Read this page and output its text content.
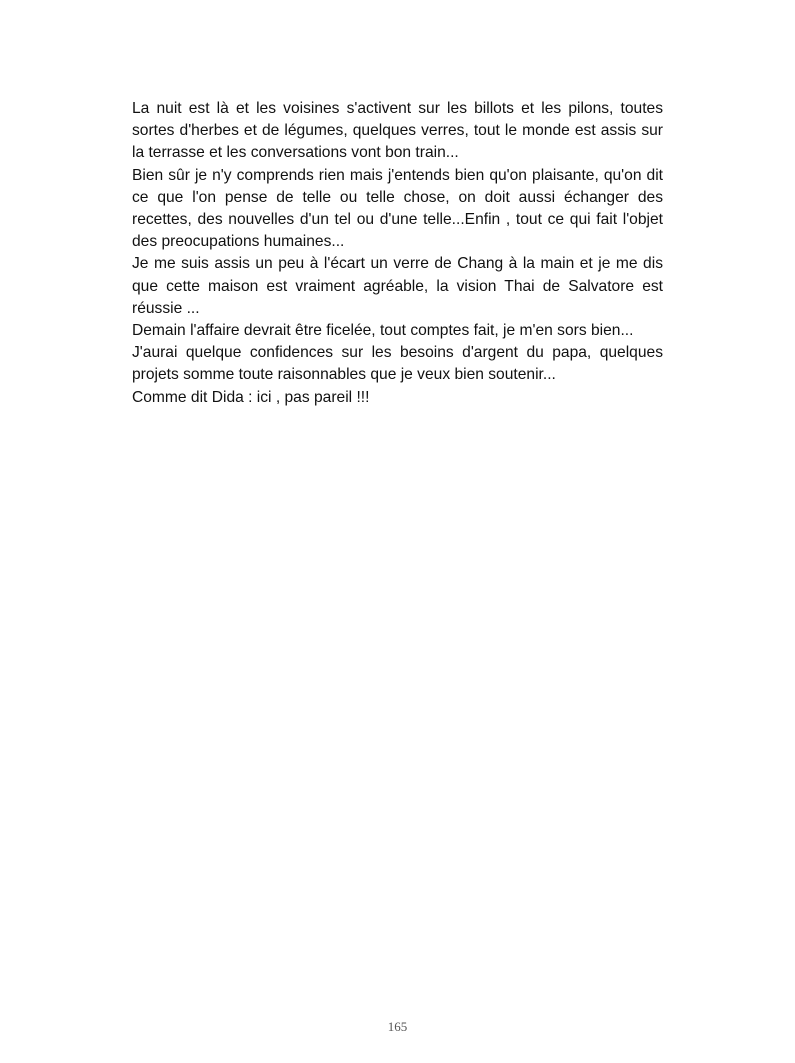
La nuit est là et les voisines s'activent sur les billots et les pilons, toutes sortes d'herbes et de légumes, quelques verres, tout le monde est assis sur la terrasse et les conversations vont bon train...

Bien sûr je n'y comprends rien mais j'entends bien qu'on plaisante, qu'on dit ce que l'on pense de telle ou telle chose, on doit aussi échanger des recettes, des nouvelles d'un tel ou d'une telle...Enfin , tout ce qui fait l'objet des preocupations humaines...

Je me suis assis un peu à l'écart un verre de Chang à la main et je me dis que cette maison est vraiment agréable, la vision Thai de Salvatore est réussie ...

Demain l'affaire devrait être ficelée, tout comptes fait, je m'en sors bien...

J'aurai quelque confidences sur les besoins d'argent du papa, quelques projets somme toute raisonnables que je veux bien soutenir...

Comme dit Dida : ici , pas pareil !!!

165
